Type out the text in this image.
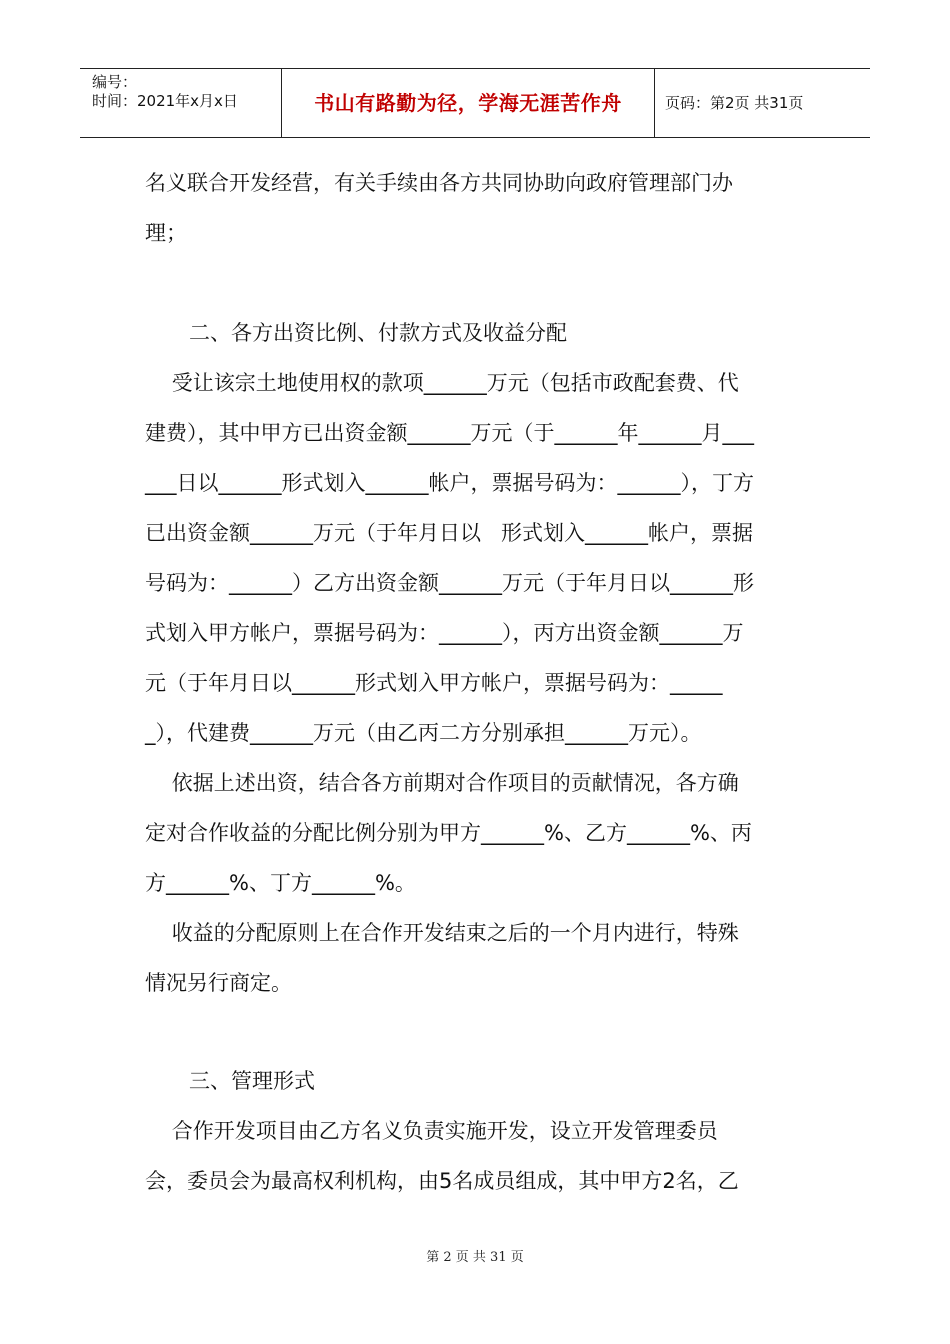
编号：
时间：2021年x月x日	书山有路勤为径，学海无涯苦作舟	页码：第2页 共31页
名义联合开发经营，有关手续由各方共同协助向政府管理部门办
理；
二、各方出资比例、付款方式及收益分配
受让该宗土地使用权的款项______万元（包括市政配套费、代
建费），其中甲方已出资金额______万元（于______年______月___
___日以______形式划入______帐户，票据号码为：______），丁方
已出资金额______万元（于年月日以   形式划入______帐户，票据
号码为：______）乙方出资金额______万元（于年月日以______形
式划入甲方帐户，票据号码为：______），丙方出资金额______万
元（于年月日以______形式划入甲方帐户，票据号码为：_____
_），代建费______万元（由乙丙二方分别承担______万元）。
依据上述出资，结合各方前期对合作项目的贡献情况，各方确
定对合作收益的分配比例分别为甲方______%、乙方______%、丙
方______%、丁方______%。
收益的分配原则上在合作开发结束之后的一个月内进行，特殊
情况另行商定。
三、管理形式
合作开发项目由乙方名义负责实施开发，设立开发管理委员
会，委员会为最高权利机构，由5名成员组成，其中甲方2名，乙
第 2 页 共 31 页
